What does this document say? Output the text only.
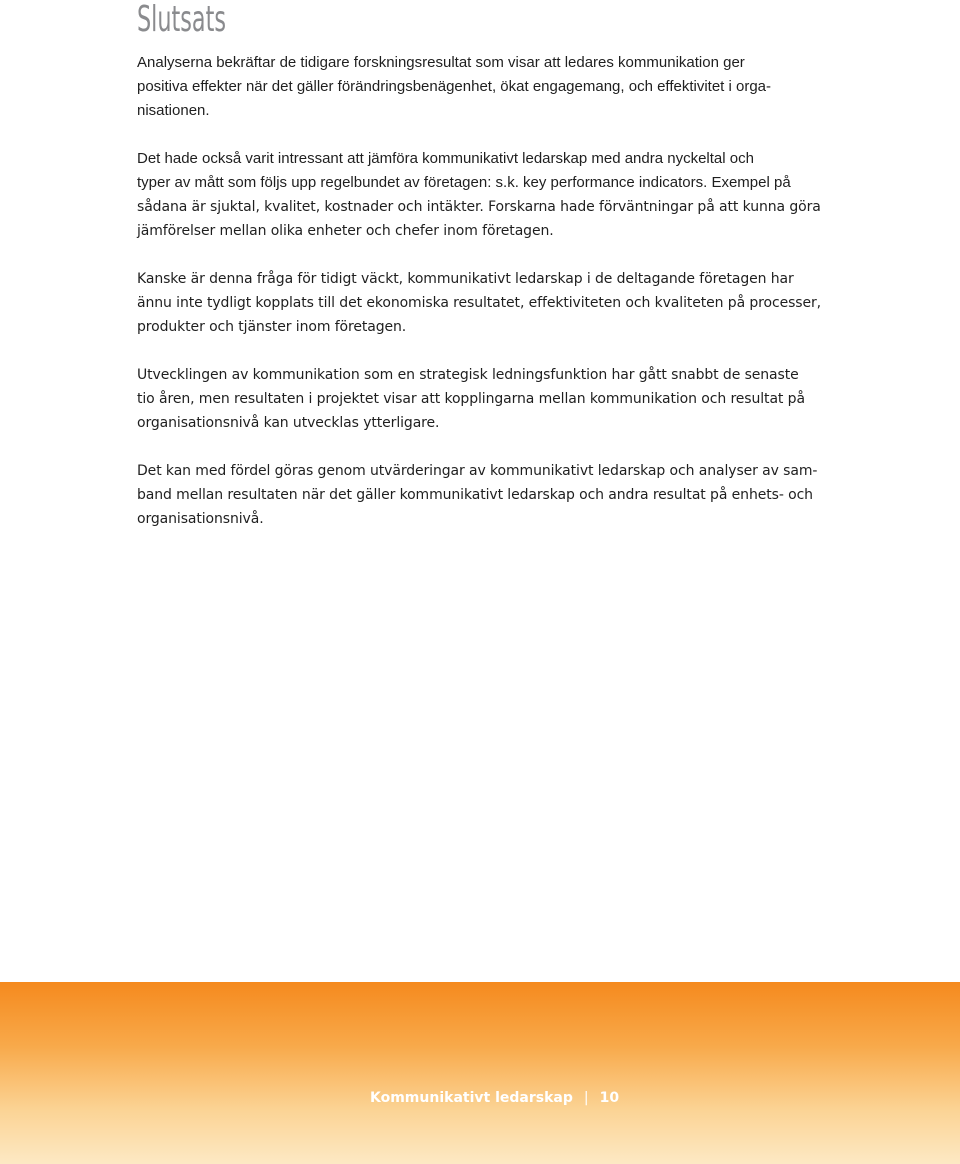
Slutsats

Analyserna bekräftar de tidigare forskningsresultat som visar att ledares kommunikation ger
positiva effekter när det gäller förändringsbenägenhet, ökat engagemang, och effektivitet i orga-
nisationen.

Det hade också varit intressant att jämföra kommunikativt ledarskap med andra nyckeltal och
typer av mått som följs upp regelbundet av företagen: s.k. key performance indicators. Exempel på
sådana är sjuktal, kvalitet, kostnader och intäkter. Forskarna hade förväntningar på att kunna göra
jämförelser mellan olika enheter och chefer inom företagen.

Kanske är denna fråga för tidigt väckt, kommunikativt ledarskap i de deltagande företagen har
ännu inte tydligt kopplats till det ekonomiska resultatet, effektiviteten och kvaliteten på processer,
produkter och tjänster inom företagen.

Utvecklingen av kommunikation som en strategisk ledningsfunktion har gått snabbt de senaste
tio åren, men resultaten i projektet visar att kopplingarna mellan kommunikation och resultat på
organisationsnivå kan utvecklas ytterligare.

Det kan med fördel göras genom utvärderingar av kommunikativt ledarskap och analyser av sam-
band mellan resultaten när det gäller kommunikativt ledarskap och andra resultat på enhets- och
organisationsnivå.

Kommunikativt ledarskap | 10
